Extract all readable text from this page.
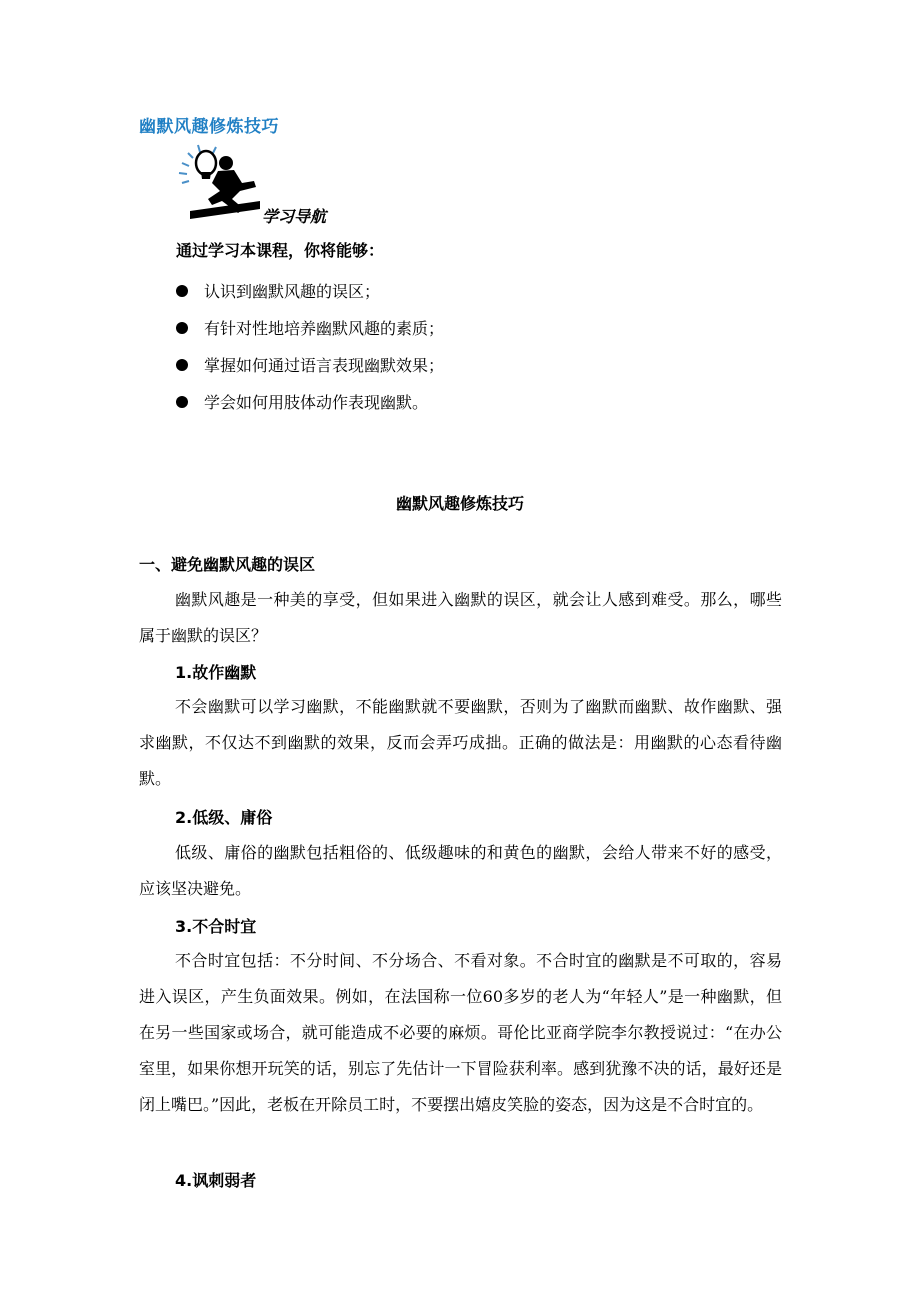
幽默风趣修炼技巧
学习导航
通过学习本课程，你将能够：
认识到幽默风趣的误区；
有针对性地培养幽默风趣的素质；
掌握如何通过语言表现幽默效果；
学会如何用肢体动作表现幽默。
幽默风趣修炼技巧
一、避免幽默风趣的误区

幽默风趣是一种美的享受，但如果进入幽默的误区，就会让人感到难受。那么，哪些属于幽默的误区？

1.故作幽默

不会幽默可以学习幽默，不能幽默就不要幽默，否则为了幽默而幽默、故作幽默、强求幽默，不仅达不到幽默的效果，反而会弄巧成拙。正确的做法是：用幽默的心态看待幽默。

2.低级、庸俗

低级、庸俗的幽默包括粗俗的、低级趣味的和黄色的幽默，会给人带来不好的感受，应该坚决避免。

3.不合时宜

不合时宜包括：不分时间、不分场合、不看对象。不合时宜的幽默是不可取的，容易进入误区，产生负面效果。例如，在法国称一位60多岁的老人为“年轻人”是一种幽默，但在另一些国家或场合，就可能造成不必要的麻烦。哥伦比亚商学院李尔教授说过：“在办公室里，如果你想开玩笑的话，别忘了先估计一下冒险获利率。感到犹豫不决的话，最好还是闭上嘴巴。”因此，老板在开除员工时，不要摆出嬉皮笑脸的姿态，因为这是不合时宜的。

4.讽刺弱者
